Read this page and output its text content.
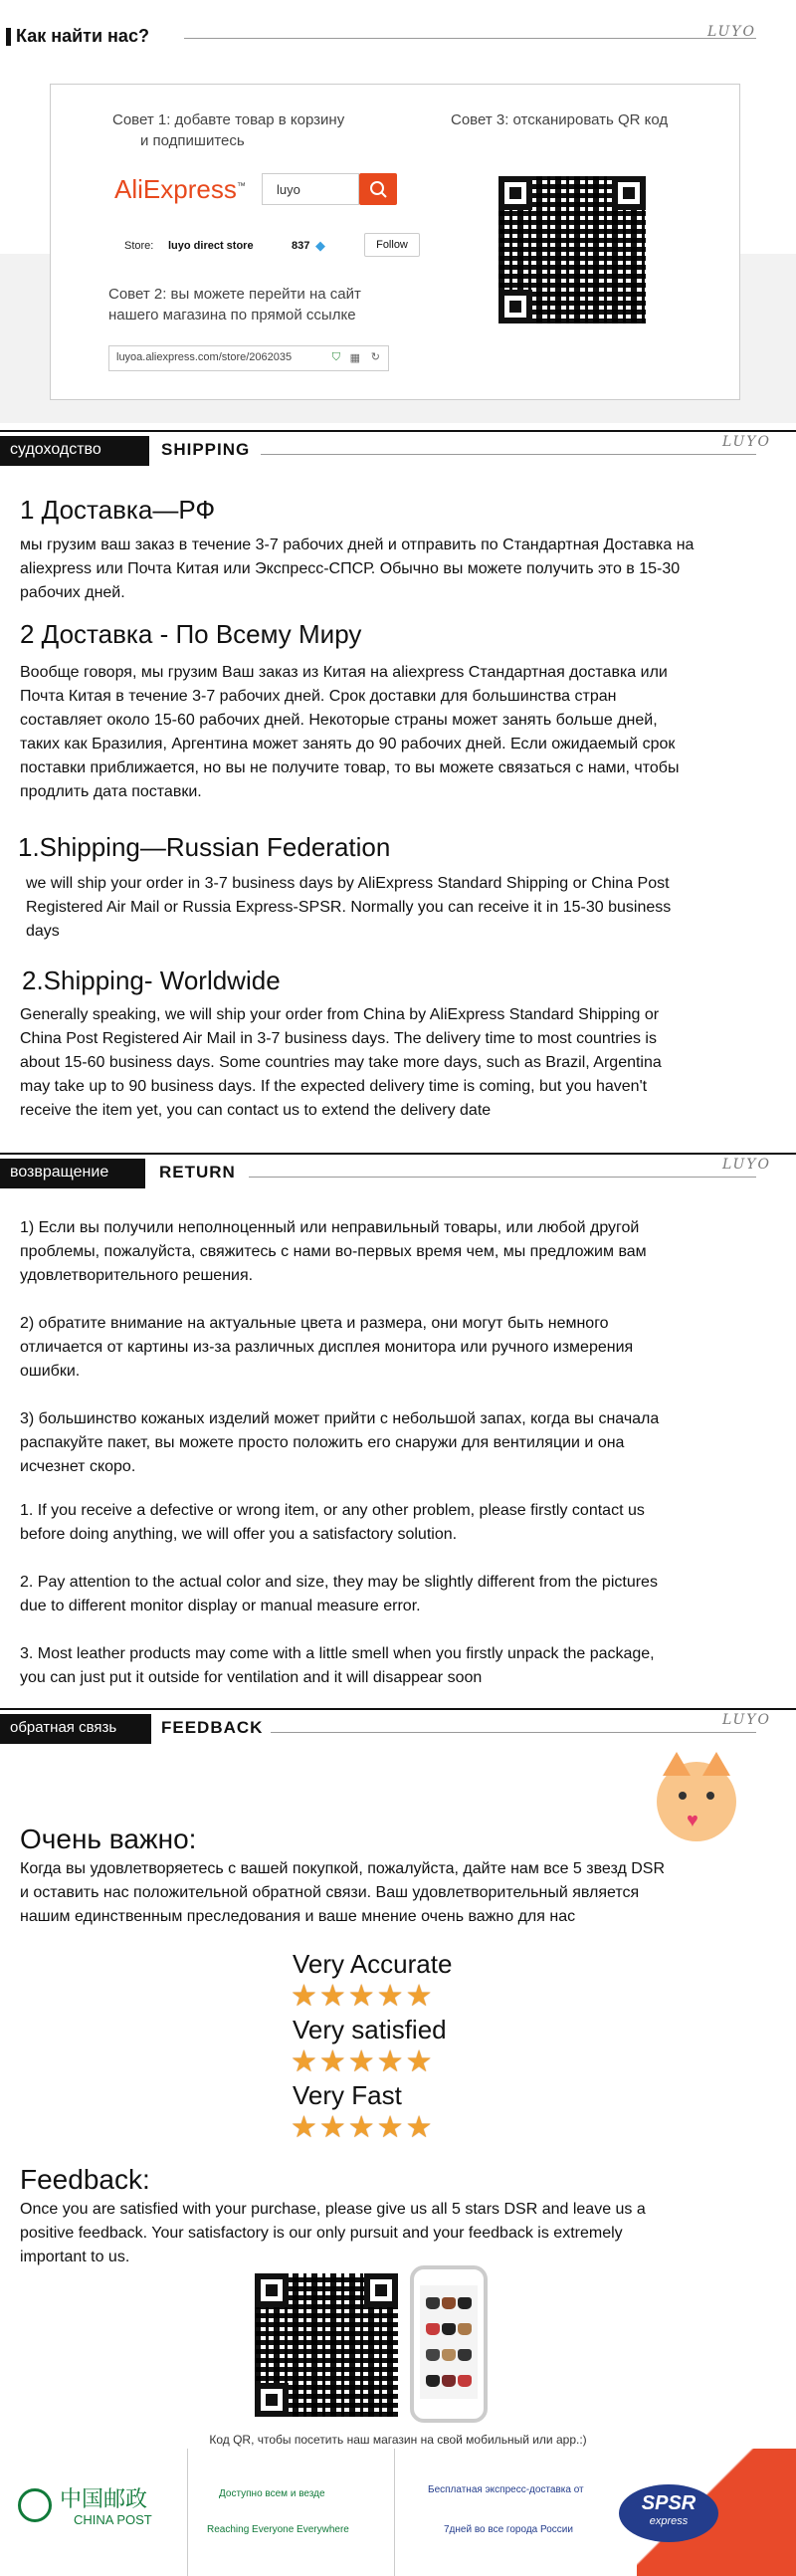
Как найти нас?	LUYO
Совет 1: добавте товар в корзину
и подпишитесь
Совет 3: отсканировать QR код
AliExpress™ luyo
Store: luyo direct store	837 ◆	Follow
Совет 2: вы можете перейти на сайт
нашего магазина по прямой ссылке
luyoa.aliexpress.com/store/2062035	⛉ ▦ ↻
судоходство	SHIPPING	LUYO
1 Доставка—РФ
мы грузим ваш заказ в течение 3-7 рабочих дней и отправить по Стандартная Доставка на
aliexpress или Почта Китая или Экспресс-СПСР. Обычно вы можете получить это в 15-30
рабочих дней.
2 Доставка - По Всему Миру
Вообще говоря, мы грузим Ваш заказ из Китая на aliexpress Стандартная доставка или
Почта Китая в течение 3-7 рабочих дней. Срок доставки для большинства стран
составляет около 15-60 рабочих дней. Некоторые страны может занять больше дней,
таких как Бразилия, Аргентина может занять до 90 рабочих дней. Если ожидаемый срок
поставки приближается, но вы не получите товар, то вы можете связаться с нами, чтобы
продлить дата поставки.
1.Shipping—Russian Federation
we will ship your order in 3-7 business days by AliExpress Standard Shipping or China Post
Registered Air Mail or Russia Express-SPSR. Normally you can receive it in 15-30 business
days
2.Shipping- Worldwide
Generally speaking, we will ship your order from China by AliExpress Standard Shipping or
China Post Registered Air Mail in 3-7 business days. The delivery time to most countries is
about 15-60 business days. Some countries may take more days, such as Brazil, Argentina
may take up to 90 business days. If the expected delivery time is coming, but you haven't
receive the item yet, you can contact us to extend the delivery date
возвращение	RETURN	LUYO
1) Если вы получили неполноценный или неправильный товары, или любой другой
проблемы, пожалуйста, свяжитесь с нами во-первых время чем, мы предложим вам
удовлетворительного решения.
2) обратите внимание на актуальные цвета и размера, они могут быть немного
отличается от картины из-за различных дисплея монитора или ручного измерения
ошибки.
3) большинство кожаных изделий может прийти с небольшой запах, когда вы сначала
распакуйте пакет, вы можете просто положить его снаружи для вентиляции и она
исчезнет скоро.
1. If you receive a defective or wrong item, or any other problem, please firstly contact us
before doing anything, we will offer you a satisfactory solution.
2. Pay attention to the actual color and size, they may be slightly different from the pictures
due to different monitor display or manual measure error.
3. Most leather products may come with a little smell when you firstly unpack the package,
you can just put it outside for ventilation and it will disappear soon
обратная связь	FEEDBACK	LUYO
♥
Очень важно:
Когда вы удовлетворяетесь с вашей покупкой, пожалуйста, дайте нам все 5 звезд DSR
и оставить нас положительной обратной связи. Ваш удовлетворительный является
нашим единственным преследования и ваше мнение очень важно для нас
Very Accurate
★★★★★
Very satisfied
★★★★★
Very Fast
★★★★★
Feedback:
Once you are satisfied with your purchase, please give us all 5 stars DSR and leave us a
positive feedback. Your satisfactory is our only pursuit and your feedback is extremely
important to us.
Код QR, чтобы посетить наш магазин на свой мобильный или арр.:)
中国邮政
CHINA POST
Доступно всем и везде
Reaching Everyone Everywhere
Бесплатная экспресс-доставка от
7дней во все города России
SPSR
express
